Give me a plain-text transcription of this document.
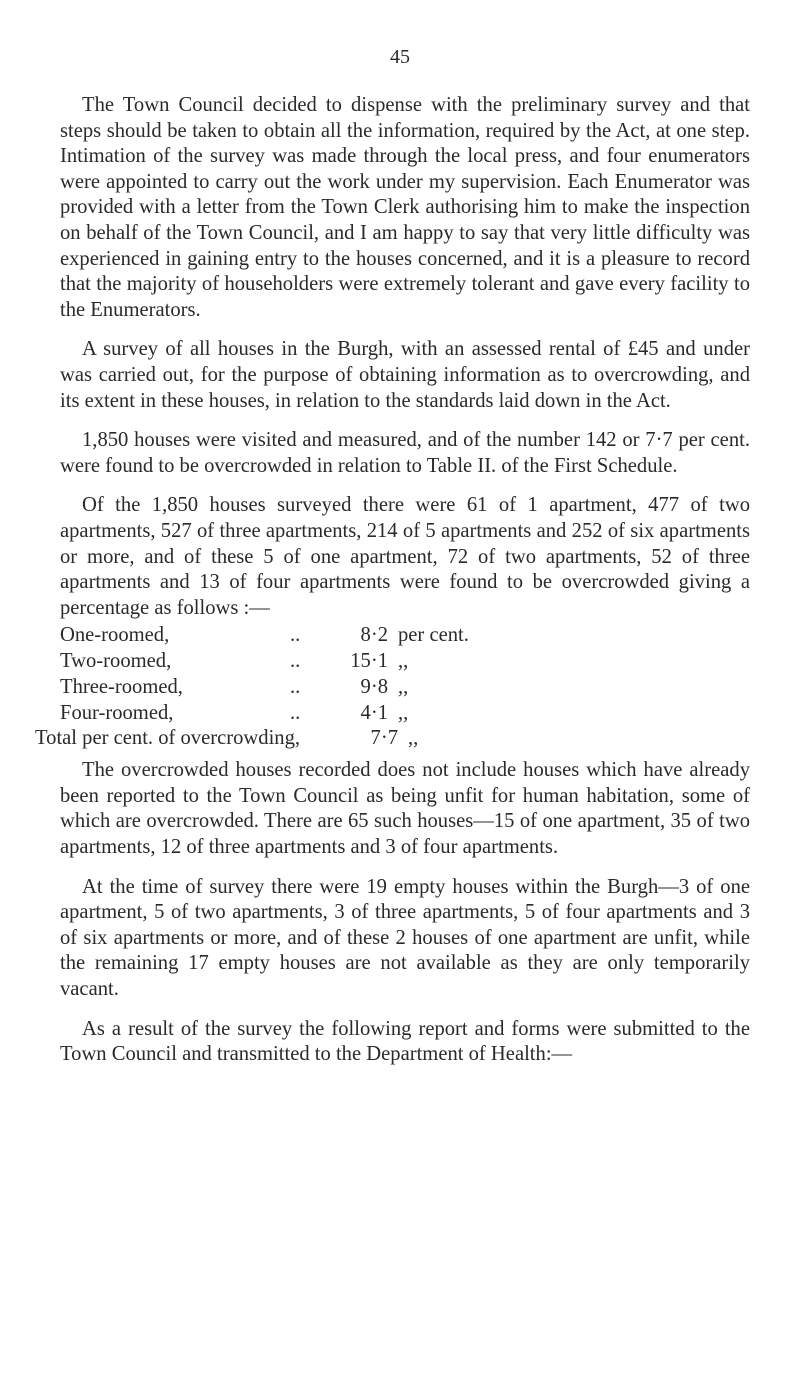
45

The Town Council decided to dispense with the preliminary survey and that steps should be taken to obtain all the information, required by the Act, at one step. Intimation of the survey was made through the local press, and four enumerators were appointed to carry out the work under my supervision. Each Enumerator was provided with a letter from the Town Clerk authorising him to make the inspection on behalf of the Town Council, and I am happy to say that very little difficulty was experienced in gaining entry to the houses concerned, and it is a pleasure to record that the majority of householders were extremely tolerant and gave every facility to the Enumerators.

A survey of all houses in the Burgh, with an assessed rental of £45 and under was carried out, for the purpose of obtaining information as to overcrowding, and its extent in these houses, in relation to the standards laid down in the Act.

1,850 houses were visited and measured, and of the number 142 or 7·7 per cent. were found to be overcrowded in relation to Table II. of the First Schedule.

Of the 1,850 houses surveyed there were 61 of 1 apartment, 477 of two apartments, 527 of three apartments, 214 of 5 apartments and 252 of six apartments or more, and of these 5 of one apartment, 72 of two apartments, 52 of three apartments and 13 of four apartments were found to be overcrowded giving a percentage as follows :—

One-roomed,	..	8·2 per cent.
Two-roomed,	..	15·1 ,,
Three-roomed,	..	9·8 ,,
Four-roomed,	..	4·1 ,,
Total per cent. of overcrowding,	7·7 ,,

The overcrowded houses recorded does not include houses which have already been reported to the Town Council as being unfit for human habitation, some of which are overcrowded. There are 65 such houses—15 of one apartment, 35 of two apartments, 12 of three apartments and 3 of four apartments.

At the time of survey there were 19 empty houses within the Burgh—3 of one apartment, 5 of two apartments, 3 of three apartments, 5 of four apartments and 3 of six apartments or more, and of these 2 houses of one apartment are unfit, while the remaining 17 empty houses are not available as they are only temporarily vacant.

As a result of the survey the following report and forms were submitted to the Town Council and transmitted to the Department of Health:—
